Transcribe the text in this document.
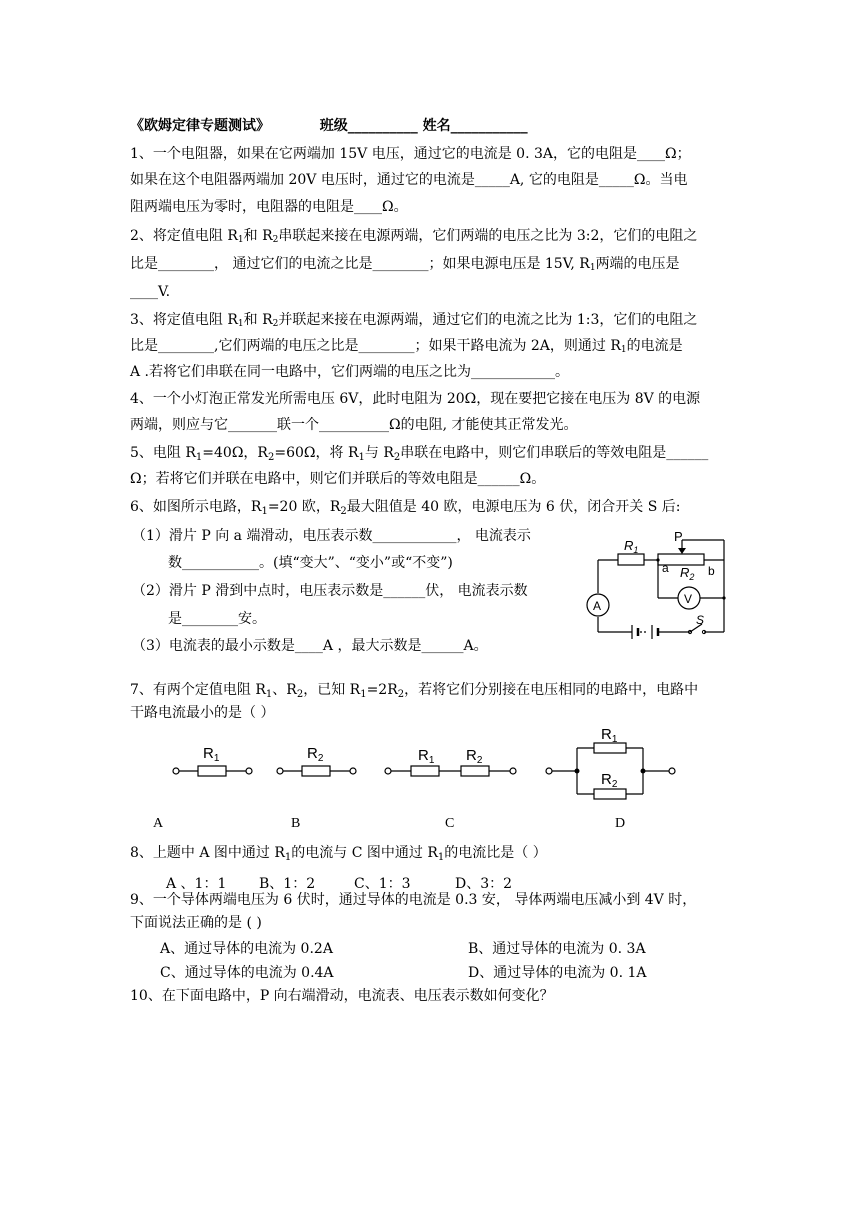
《欧姆定律专题测试》	班级__________ 姓名___________
1、一个电阻器，如果在它两端加 15V 电压，通过它的电流是 0. 3A，它的电阻是____Ω；
如果在这个电阻器两端加 20V 电压时，通过它的电流是_____A, 它的电阻是_____Ω。当电
阻两端电压为零时，电阻器的电阻是____Ω。
2、将定值电阻 $R_1$和 $R_2$串联起来接在电源两端，它们两端的电压之比为 3:2，它们的电阻之
比是________， 通过它们的电流之比是________；如果电源电压是 15V, $R_1$两端的电压是
____V.
3、将定值电阻 $R_1$和 $R_2$并联起来接在电源两端，通过它们的电流之比为 1:3，它们的电阻之
比是________,它们两端的电压之比是________；如果干路电流为 2A，则通过 $R_1$的电流是
A .若将它们串联在同一电路中，它们两端的电压之比为____________。
4、一个小灯泡正常发光所需电压 6V，此时电阻为 20Ω，现在要把它接在电压为 8V 的电源
两端，则应与它_______联一个__________Ω的电阻, 才能使其正常发光。
5、电阻 $R_1=40\Omega$，$R_2=60\Omega$，将 $R_1$与 $R_2$串联在电路中，则它们串联后的等效电阻是______
Ω；若将它们并联在电路中，则它们并联后的等效电阻是______Ω。
6、如图所示电路，$R_1=20$ 欧，$R_2$最大阻值是 40 欧，电源电压为 6 伏，闭合开关 S 后:
（1）滑片 P 向 a 端滑动，电压表示数____________， 电流表示
数___________。(填“变大”、“变小”或“不变”)
（2）滑片 P 滑到中点时，电压表示数是______伏， 电流表示数
是________安。
（3）电流表的最小示数是____A ，最大示数是______A。
$R_1$
P
a $R_2$ b
A	V
S
7、有两个定值电阻 $R_1$、$R_2$，已知 $R_1=2R_2$，若将它们分别接在电压相同的电路中，电路中
干路电流最小的是（ ）
$R_1$	$R_2$	$R_1$ $R_2$
$R_1$
$R_2$
A	B	C	D
8、上题中 A 图中通过 $R_1$的电流与 C 图中通过 $R_1$的电流比是（ ）
A 、1：1 B、1：2	C、1：3	D、3：2
9、一个导体两端电压为 6 伏时，通过导体的电流是 0.3 安， 导体两端电压减小到 4V 时，
下面说法正确的是 ( )
A、通过导体的电流为 0.2A	B、通过导体的电流为 0. 3A
C、通过导体的电流为 0.4A	D、通过导体的电流为 0. 1A
10、在下面电路中，P 向右端滑动，电流表、电压表示数如何变化？
